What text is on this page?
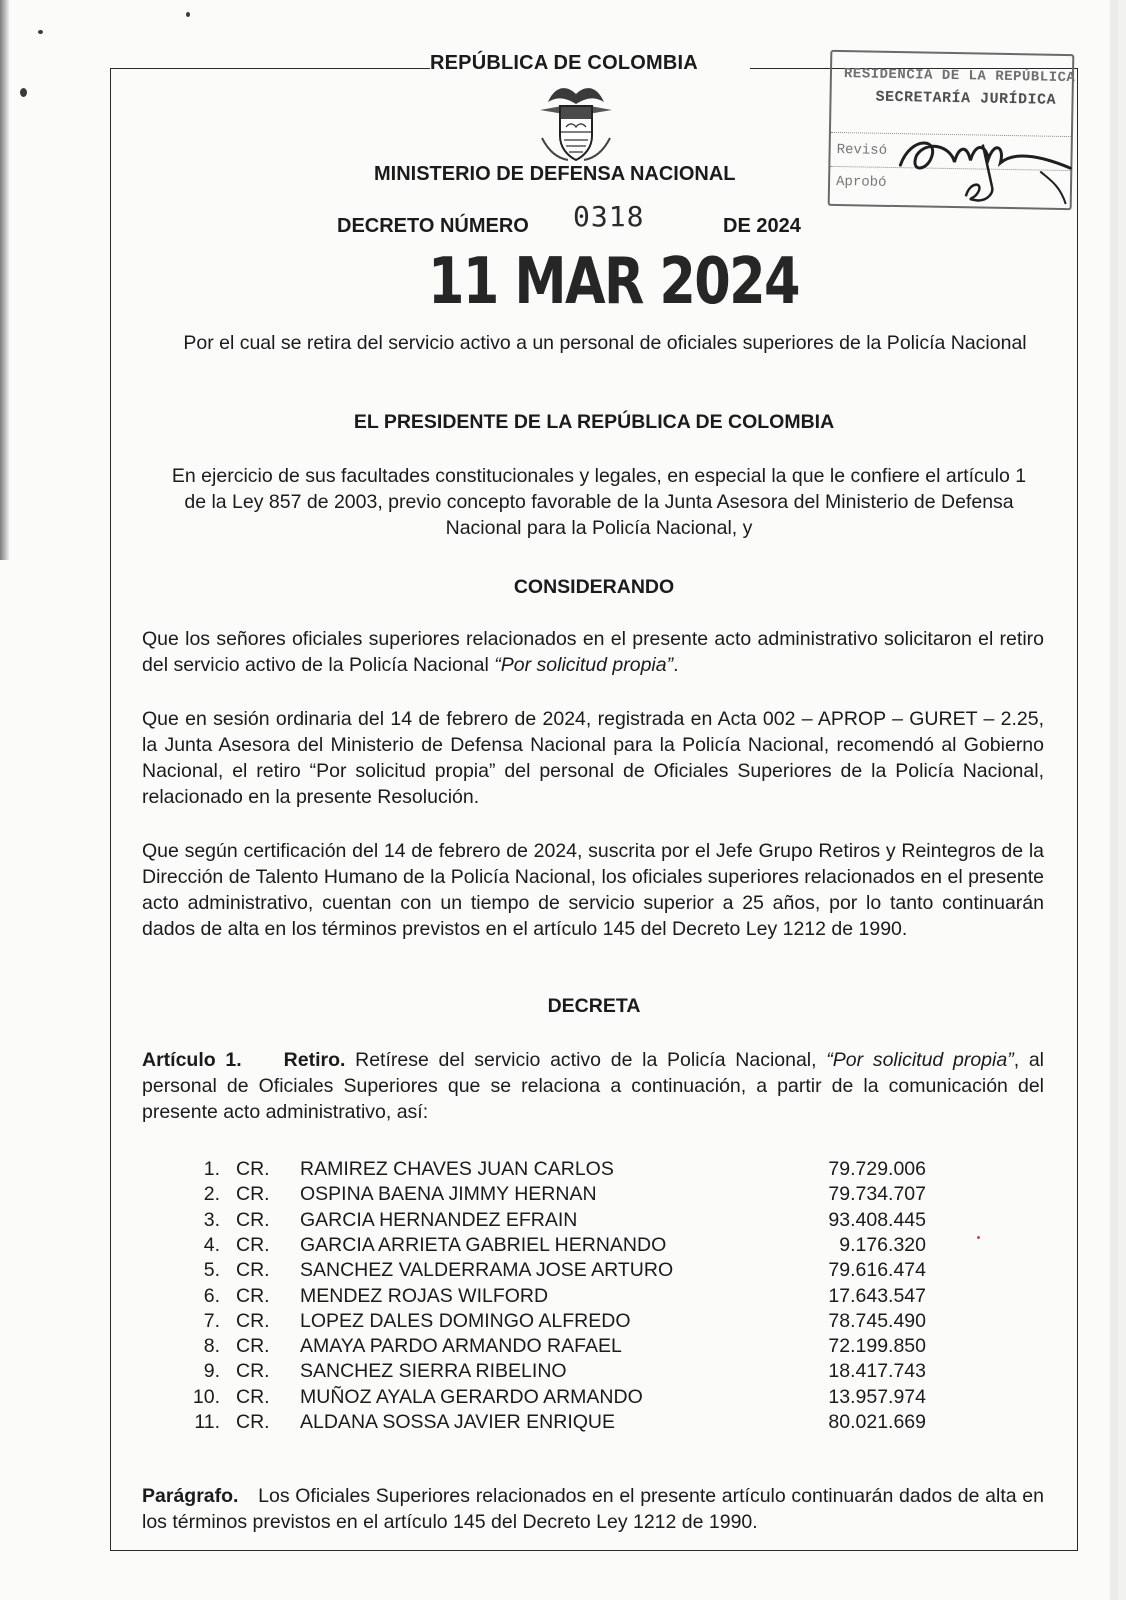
REPÚBLICA DE COLOMBIA
MINISTERIO DE DEFENSA NACIONAL
DECRETO NÚMERO 0318	DE 2024
11 MAR 2024
RESIDENCIA DE LA REPÚBLICA
SECRETARÍA JURÍDICA
Revisó
Aprobó
Por el cual se retira del servicio activo a un personal de oficiales superiores de la Policía Nacional
EL PRESIDENTE DE LA REPÚBLICA DE COLOMBIA
En ejercicio de sus facultades constitucionales y legales, en especial la que le confiere el artículo 1 de la Ley 857 de 2003, previo concepto favorable de la Junta Asesora del Ministerio de Defensa Nacional para la Policía Nacional, y
CONSIDERANDO
Que los señores oficiales superiores relacionados en el presente acto administrativo solicitaron el retiro del servicio activo de la Policía Nacional “Por solicitud propia”.
Que en sesión ordinaria del 14 de febrero de 2024, registrada en Acta 002 – APROP – GURET – 2.25, la Junta Asesora del Ministerio de Defensa Nacional para la Policía Nacional, recomendó al Gobierno Nacional, el retiro “Por solicitud propia” del personal de Oficiales Superiores de la Policía Nacional, relacionado en la presente Resolución.
Que según certificación del 14 de febrero de 2024, suscrita por el Jefe Grupo Retiros y Reintegros de la Dirección de Talento Humano de la Policía Nacional, los oficiales superiores relacionados en el presente acto administrativo, cuentan con un tiempo de servicio superior a 25 años, por lo tanto continuarán dados de alta en los términos previstos en el artículo 145 del Decreto Ley 1212 de 1990.
DECRETA
Artículo 1. Retiro. Retírese del servicio activo de la Policía Nacional, “Por solicitud propia”, al personal de Oficiales Superiores que se relaciona a continuación, a partir de la comunicación del presente acto administrativo, así:
1. CR. RAMIREZ CHAVES JUAN CARLOS	79.729.006
2. CR. OSPINA BAENA JIMMY HERNAN	79.734.707
3. CR. GARCIA HERNANDEZ EFRAIN	93.408.445
4. CR. GARCIA ARRIETA GABRIEL HERNANDO	9.176.320
5. CR. SANCHEZ VALDERRAMA JOSE ARTURO	79.616.474
6. CR. MENDEZ ROJAS WILFORD	17.643.547
7. CR. LOPEZ DALES DOMINGO ALFREDO	78.745.490
8. CR. AMAYA PARDO ARMANDO RAFAEL	72.199.850
9. CR. SANCHEZ SIERRA RIBELINO	18.417.743
10. CR. MUÑOZ AYALA GERARDO ARMANDO	13.957.974
11. CR. ALDANA SOSSA JAVIER ENRIQUE	80.021.669
Parágrafo. Los Oficiales Superiores relacionados en el presente artículo continuarán dados de alta en los términos previstos en el artículo 145 del Decreto Ley 1212 de 1990.
